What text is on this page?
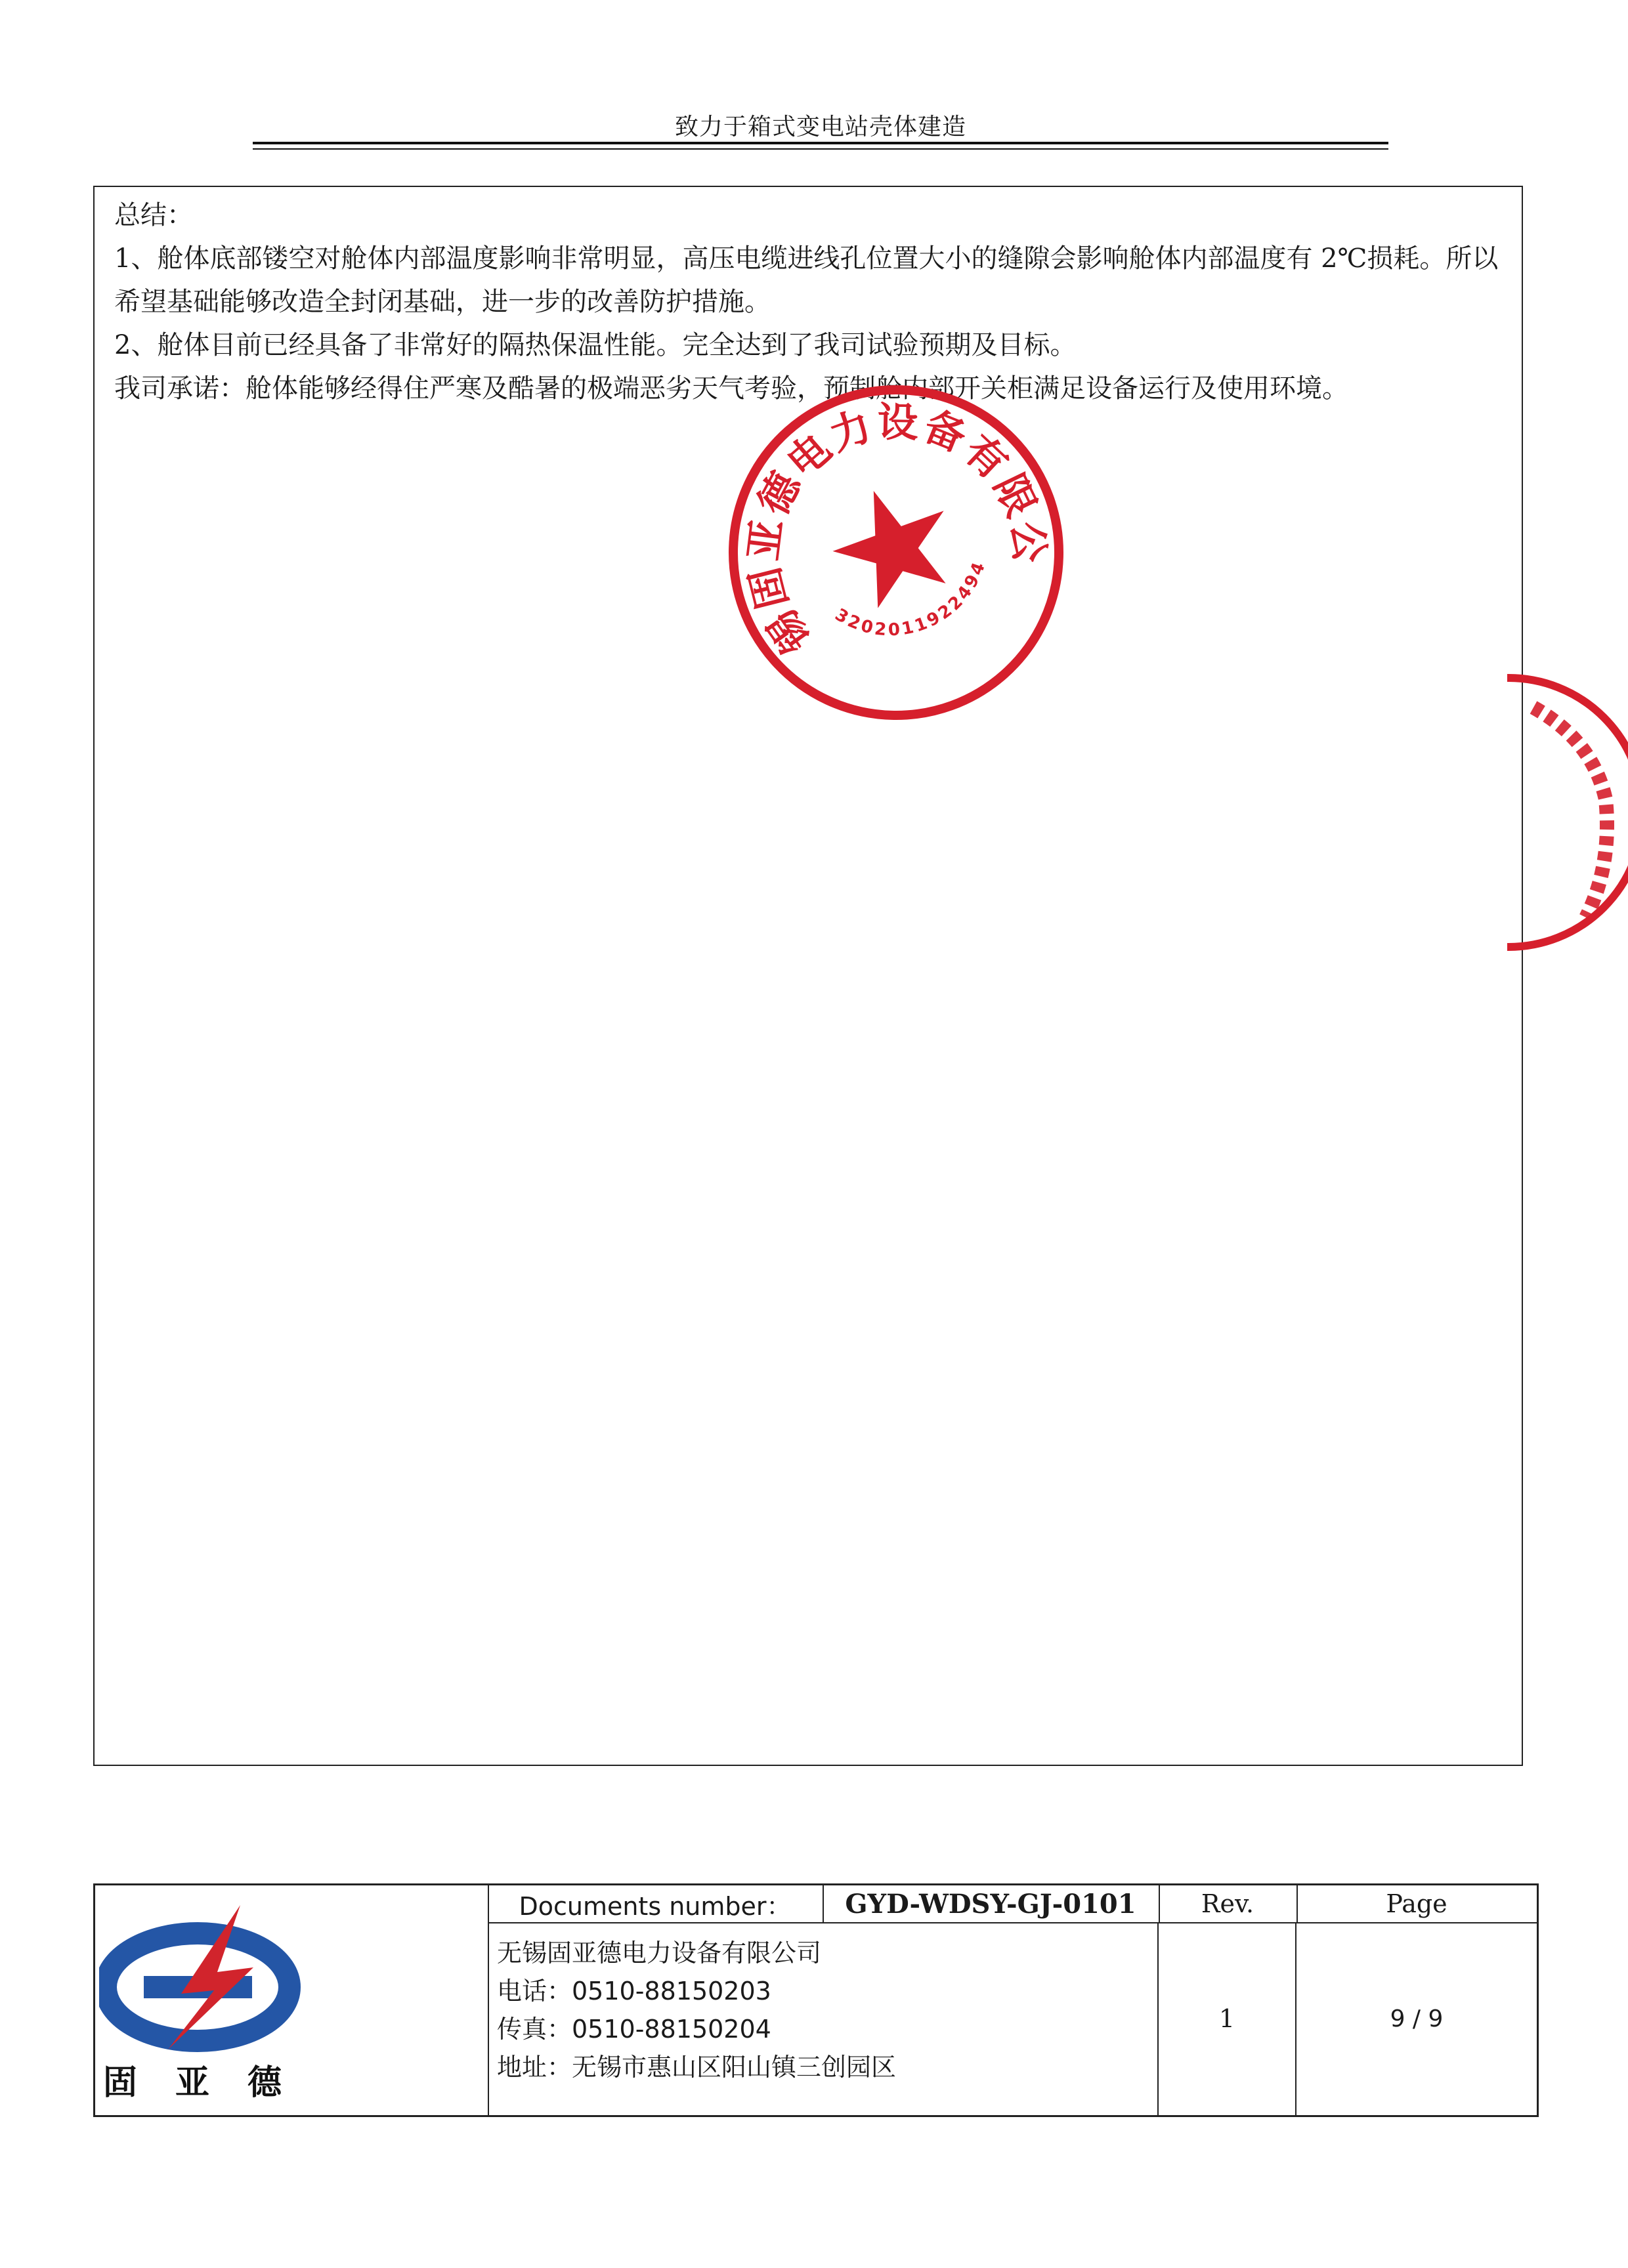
致力于箱式变电站壳体建造

总结：

1、舱体底部镂空对舱体内部温度影响非常明显，高压电缆进线孔位置大小的缝隙会影响舱体内部温度有 2℃损耗。所以希望基础能够改造全封闭基础，进一步的改善防护措施。

2、舱体目前已经具备了非常好的隔热保温性能。完全达到了我司试验预期及目标。

我司承诺：舱体能够经得住严寒及酷暑的极端恶劣天气考验，预制舱内部开关柜满足设备运行及使用环境。

无锡固亚德电力设备有限公司
3202011922494
固亚德
Documents number：	GYD-WDSY-GJ-0101	Rev.	Page
无锡固亚德电力设备有限公司
电话：0510-88150203
传真：0510-88150204
地址：无锡市惠山区阳山镇三创园区
1	9 / 9
